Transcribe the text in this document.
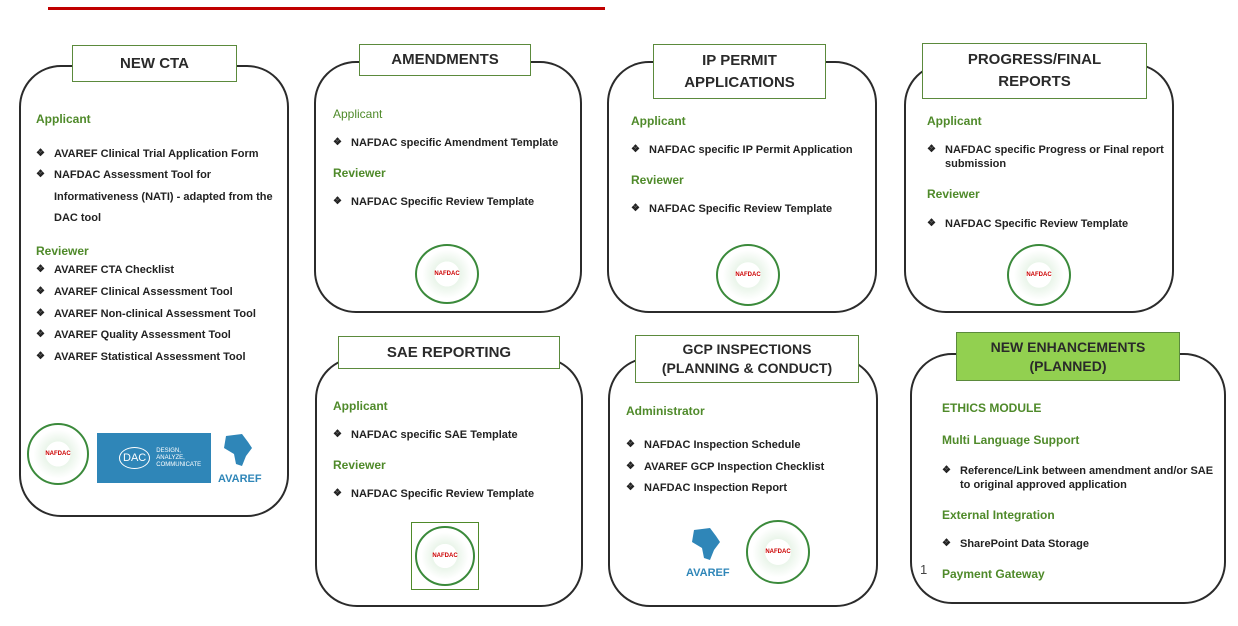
NEW CTA
Applicant
❖ AVAREF Clinical Trial Application Form
❖ NAFDAC Assessment Tool for
Informativeness (NATI) - adapted from the
DAC tool
Reviewer
❖ AVAREF CTA Checklist
❖ AVAREF Clinical Assessment Tool
❖ AVAREF Non-clinical Assessment Tool
❖ AVAREF Quality Assessment Tool
❖ AVAREF Statistical Assessment Tool
NAFDAC	DAC
DESIGN,
ANALYZE,
COMMUNICATE
AVAREF
AMENDMENTS
Applicant
❖ NAFDAC specific Amendment Template
Reviewer
❖ NAFDAC Specific Review Template
NAFDAC
IP PERMIT
APPLICATIONS
Applicant
❖ NAFDAC specific IP Permit Application
Reviewer
❖ NAFDAC Specific Review Template
NAFDAC
PROGRESS/FINAL
REPORTS
Applicant
❖ NAFDAC specific Progress or Final report
submission
Reviewer
❖ NAFDAC Specific Review Template
NAFDAC
SAE REPORTING
Applicant
❖ NAFDAC specific SAE Template
Reviewer
❖ NAFDAC Specific Review Template
NAFDAC
GCP INSPECTIONS
(PLANNING & CONDUCT)
Administrator
❖ NAFDAC Inspection Schedule
❖ AVAREF GCP Inspection Checklist
❖ NAFDAC Inspection Report
AVAREF
NAFDAC
NEW ENHANCEMENTS
(PLANNED)
ETHICS MODULE
Multi Language Support
❖ Reference/Link between amendment and/or SAE
to original approved application
External Integration
❖ SharePoint Data Storage
Payment Gateway
1
